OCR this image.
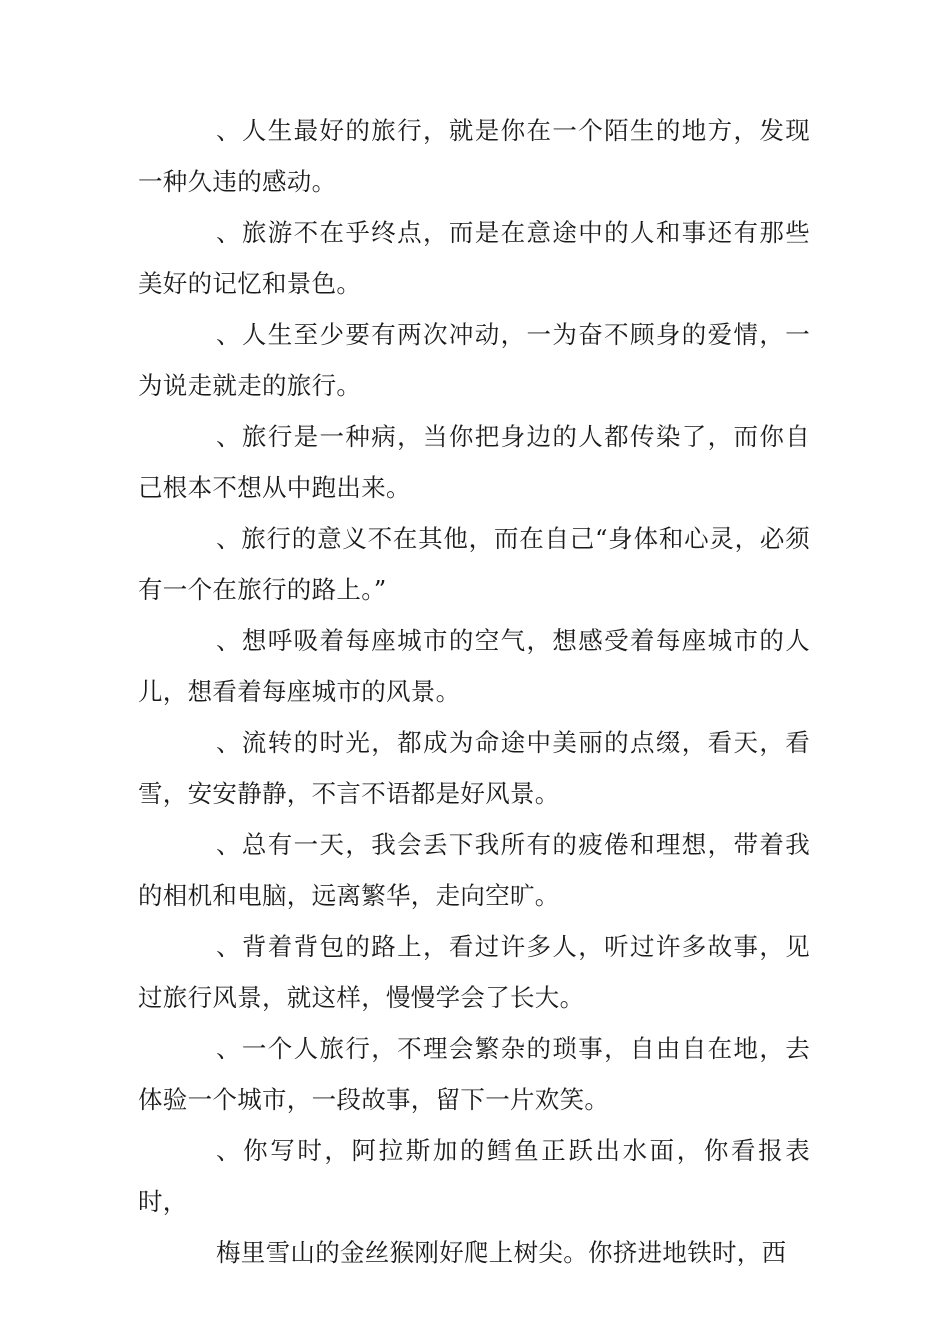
、人生最好的旅行，就是你在一个陌生的地方，发现一种久违的感动。

、旅游不在乎终点，而是在意途中的人和事还有那些美好的记忆和景色。

、人生至少要有两次冲动，一为奋不顾身的爱情，一为说走就走的旅行。

、旅行是一种病，当你把身边的人都传染了，而你自己根本不想从中跑出来。

、旅行的意义不在其他，而在自己“身体和心灵，必须有一个在旅行的路上。”

、想呼吸着每座城市的空气，想感受着每座城市的人儿，想看着每座城市的风景。

、流转的时光，都成为命途中美丽的点缀，看天，看雪，安安静静，不言不语都是好风景。

、总有一天，我会丢下我所有的疲倦和理想，带着我的相机和电脑，远离繁华，走向空旷。

、背着背包的路上，看过许多人，听过许多故事，见过旅行风景，就这样，慢慢学会了长大。

、一个人旅行，不理会繁杂的琐事，自由自在地，去体验一个城市，一段故事，留下一片欢笑。

、你写时，阿拉斯加的鳕鱼正跃出水面，你看报表时，

梅里雪山的金丝猴刚好爬上树尖。你挤进地铁时，西
